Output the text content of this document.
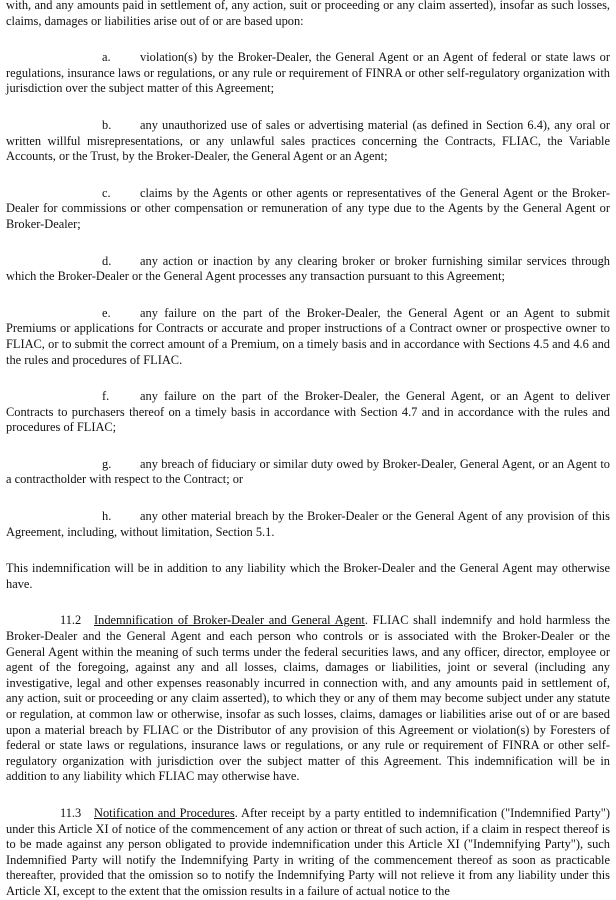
with, and any amounts paid in settlement of, any action, suit or proceeding or any claim asserted), insofar as such losses, claims, damages or liabilities arise out of or are based upon:

a. violation(s) by the Broker-Dealer, the General Agent or an Agent of federal or state laws or regulations, insurance laws or regulations, or any rule or requirement of FINRA or other self-regulatory organization with jurisdiction over the subject matter of this Agreement;

b. any unauthorized use of sales or advertising material (as defined in Section 6.4), any oral or written willful misrepresentations, or any unlawful sales practices concerning the Contracts, FLIAC, the Variable Accounts, or the Trust, by the Broker-Dealer, the General Agent or an Agent;

c. claims by the Agents or other agents or representatives of the General Agent or the Broker-Dealer for commissions or other compensation or remuneration of any type due to the Agents by the General Agent or Broker-Dealer;

d. any action or inaction by any clearing broker or broker furnishing similar services through which the Broker-Dealer or the General Agent processes any transaction pursuant to this Agreement;

e. any failure on the part of the Broker-Dealer, the General Agent or an Agent to submit Premiums or applications for Contracts or accurate and proper instructions of a Contract owner or prospective owner to FLIAC, or to submit the correct amount of a Premium, on a timely basis and in accordance with Sections 4.5 and 4.6 and the rules and procedures of FLIAC.

f. any failure on the part of the Broker-Dealer, the General Agent, or an Agent to deliver Contracts to purchasers thereof on a timely basis in accordance with Section 4.7 and in accordance with the rules and procedures of FLIAC;

g. any breach of fiduciary or similar duty owed by Broker-Dealer, General Agent, or an Agent to a contractholder with respect to the Contract; or

h. any other material breach by the Broker-Dealer or the General Agent of any provision of this Agreement, including, without limitation, Section 5.1.

This indemnification will be in addition to any liability which the Broker-Dealer and the General Agent may otherwise have.

11.2 Indemnification of Broker-Dealer and General Agent. FLIAC shall indemnify and hold harmless the Broker-Dealer and the General Agent and each person who controls or is associated with the Broker-Dealer or the General Agent within the meaning of such terms under the federal securities laws, and any officer, director, employee or agent of the foregoing, against any and all losses, claims, damages or liabilities, joint or several (including any investigative, legal and other expenses reasonably incurred in connection with, and any amounts paid in settlement of, any action, suit or proceeding or any claim asserted), to which they or any of them may become subject under any statute or regulation, at common law or otherwise, insofar as such losses, claims, damages or liabilities arise out of or are based upon a material breach by FLIAC or the Distributor of any provision of this Agreement or violation(s) by Foresters of federal or state laws or regulations, insurance laws or regulations, or any rule or requirement of FINRA or other self-regulatory organization with jurisdiction over the subject matter of this Agreement. This indemnification will be in addition to any liability which FLIAC may otherwise have.

11.3 Notification and Procedures. After receipt by a party entitled to indemnification ("Indemnified Party") under this Article XI of notice of the commencement of any action or threat of such action, if a claim in respect thereof is to be made against any person obligated to provide indemnification under this Article XI ("Indemnifying Party"), such Indemnified Party will notify the Indemnifying Party in writing of the commencement thereof as soon as practicable thereafter, provided that the omission so to notify the Indemnifying Party will not relieve it from any liability under this Article XI, except to the extent that the omission results in a failure of actual notice to the
